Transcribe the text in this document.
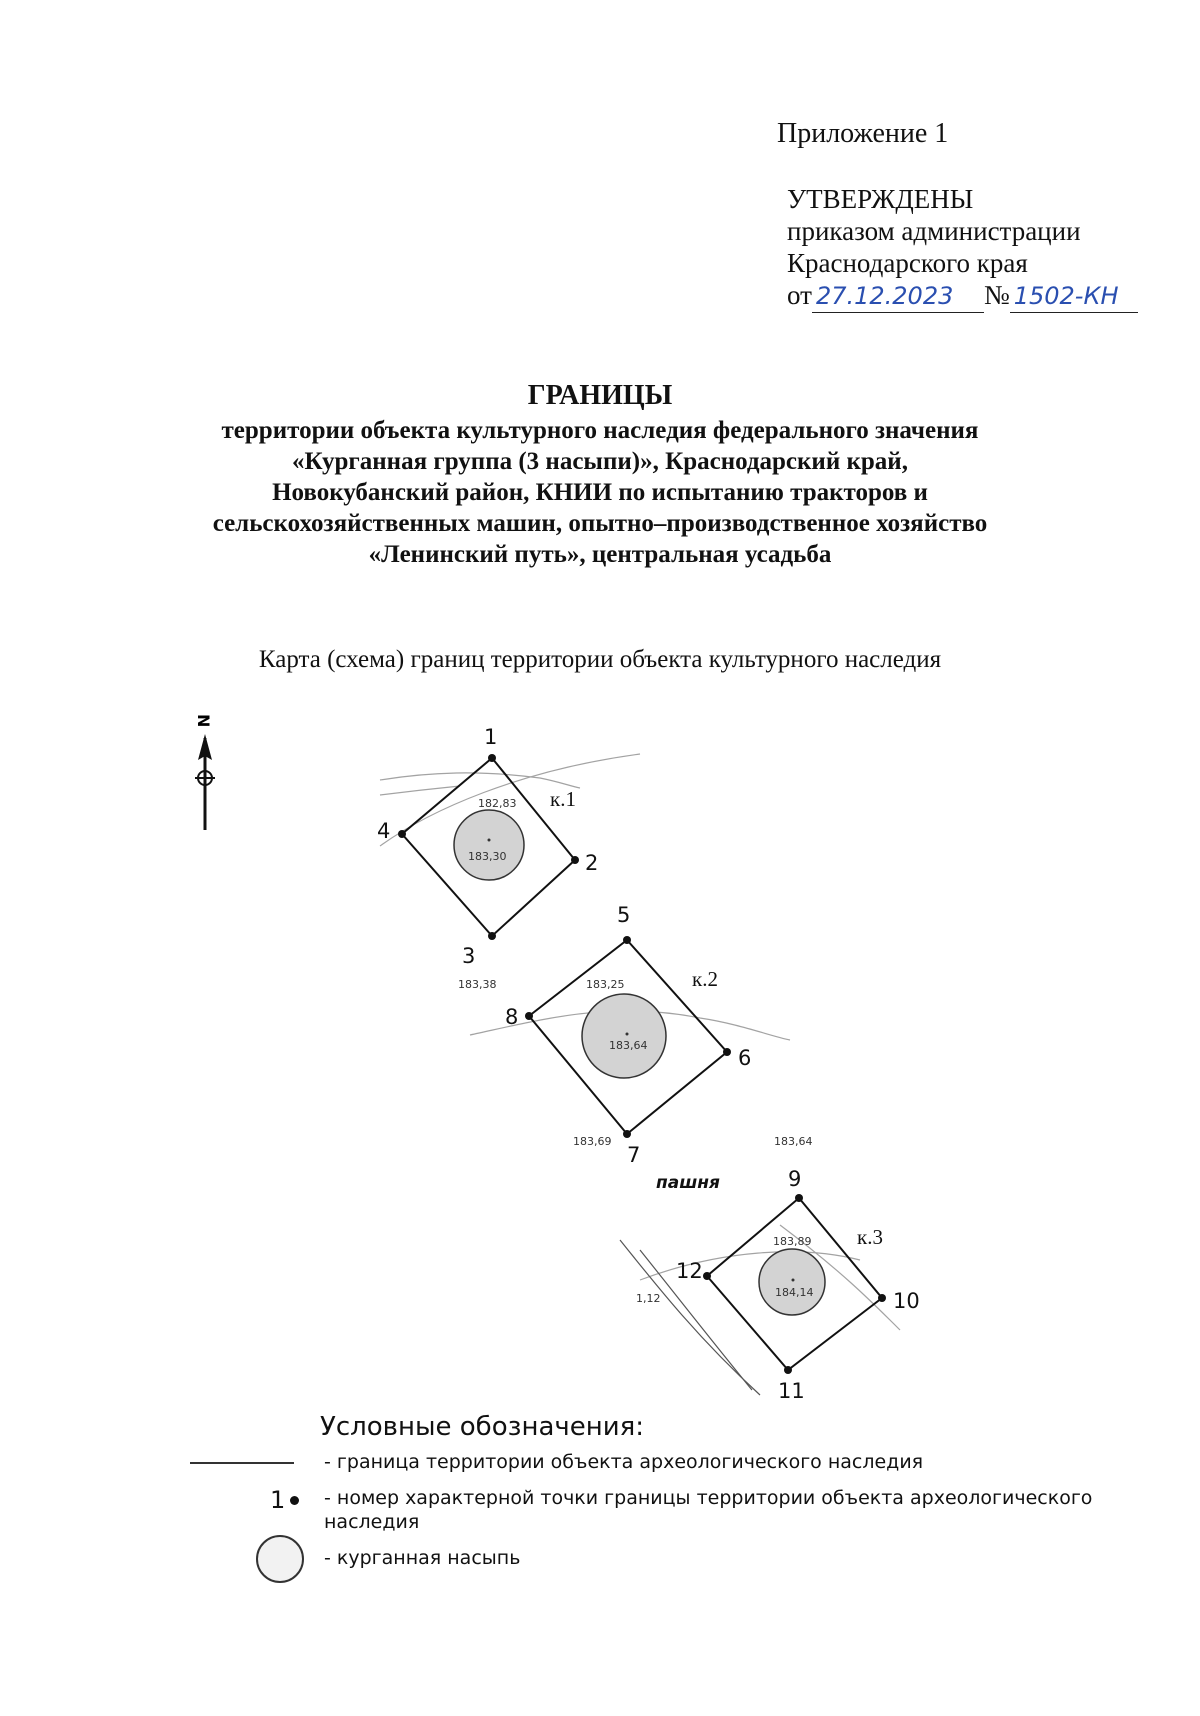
Приложение 1
УТВЕРЖДЕНЫ
приказом администрации
Краснодарского края
от 27.12.2023 № 1502-КН
ГРАНИЦЫ
территории объекта культурного наследия федерального значения
«Курганная группа (3 насыпи)», Краснодарский край,
Новокубанский район, КНИИ по испытанию тракторов и
сельскохозяйственных машин, опытно–производственное хозяйство
«Ленинский путь», центральная усадьба
Карта (схема) границ территории объекта культурного наследия
N
1
2
3
4
5
6
7
8
9
10
11
12
к.1
к.2
к.3
182,83
183,30
183,25
183,64
183,89
184,14
183,38
183,69	183,64
1,12
пашня
Условные обозначения:
- граница территории объекта археологического наследия
1 - номер характерной точки границы территории объекта археологического наследия
- курганная насыпь
